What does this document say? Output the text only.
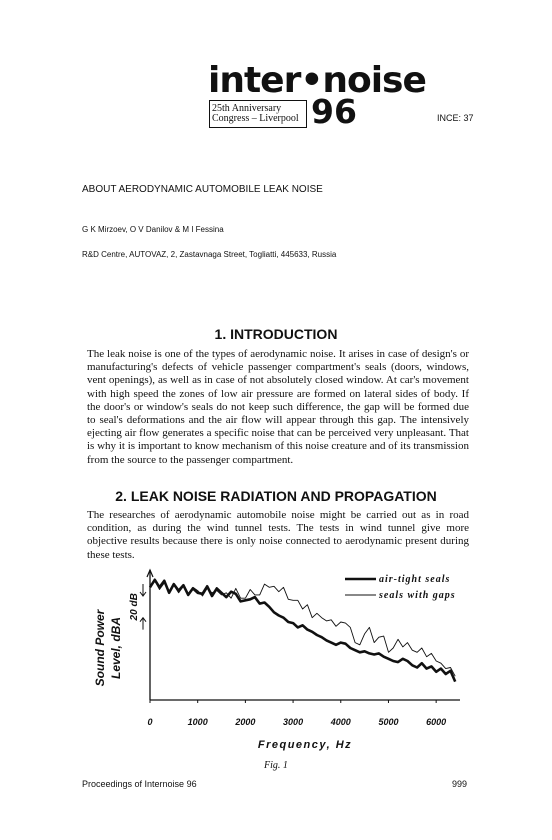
inter•noise
25th Anniversary
Congress – Liverpool 96	INCE: 37
ABOUT AERODYNAMIC AUTOMOBILE LEAK NOISE
G K Mirzoev, O V Danilov & M I Fessina
R&D Centre, AUTOVAZ, 2, Zastavnaga Street, Togliatti, 445633, Russia
1. INTRODUCTION
The leak noise is one of the types of aerodynamic noise. It arises in case of design's or manufacturing's defects of vehicle passenger compartment's seals (doors, windows, vent openings), as well as in case of not absolutely closed window. At car's movement with high speed the zones of low air pressure are formed on lateral sides of body. If the door's or window's seals do not keep such difference, the gap will be formed due to seal's deformations and the air flow will appear through this gap. The intensively ejecting air flow generates a specific noise that can be perceived very unpleasant. That is why it is important to know mechanism of this noise creature and of its transmission from the source to the passenger compartment.
2. LEAK NOISE RADIATION AND PROPAGATION
The researches of aerodynamic automobile noise might be carried out as in road condition, as during the wind tunnel tests. The tests in wind tunnel give more objective results because there is only noise connected to aerodynamic present during these tests.
0	1000	2000	3000	4000	5000	6000
Frequency, Hz
Sound Power Level, dBA
20 dB
air-tight seals
seals with gaps
Fig. 1
Proceedings of Internoise 96	999
